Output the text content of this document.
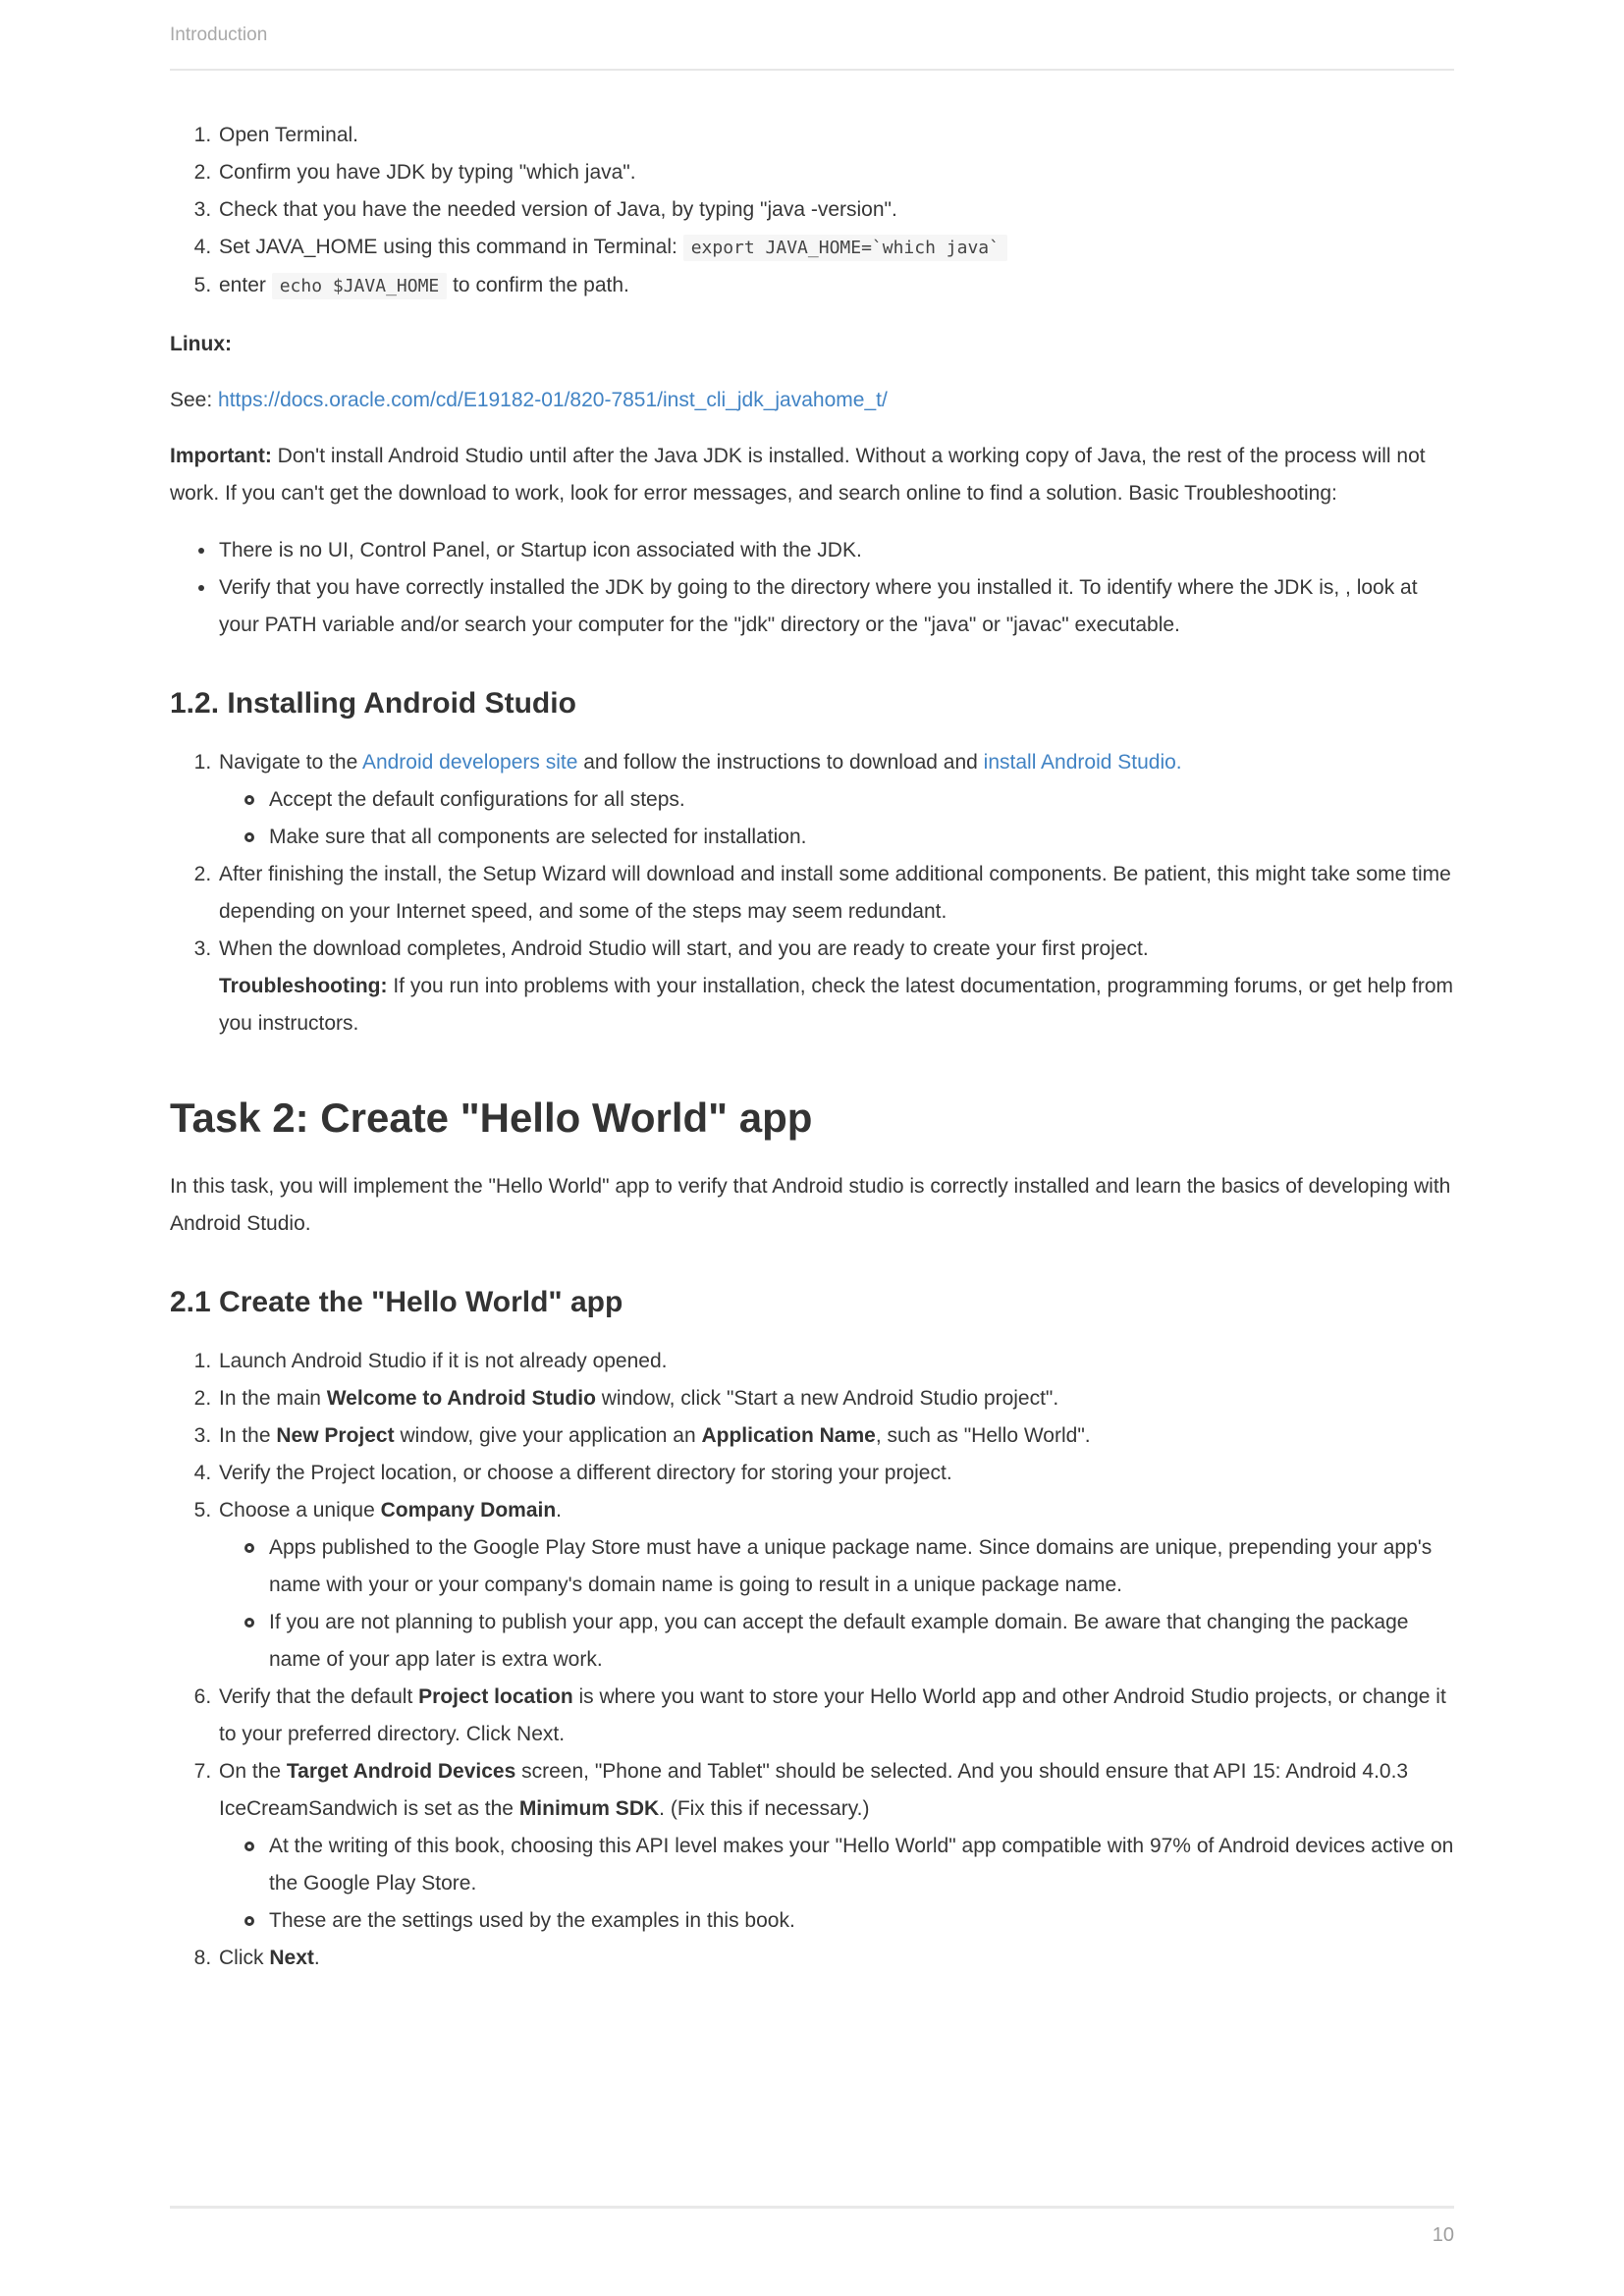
Introduction
1. Open Terminal.
2. Confirm you have JDK by typing "which java".
3. Check that you have the needed version of Java, by typing "java -version".
4. Set JAVA_HOME using this command in Terminal: export JAVA_HOME=`which java`
5. enter echo $JAVA_HOME to confirm the path.

Linux:

See: https://docs.oracle.com/cd/E19182-01/820-7851/inst_cli_jdk_javahome_t/

Important: Don't install Android Studio until after the Java JDK is installed. Without a working copy of Java, the rest of the process will not work. If you can't get the download to work, look for error messages, and search online to find a solution. Basic Troubleshooting:

• There is no UI, Control Panel, or Startup icon associated with the JDK.
• Verify that you have correctly installed the JDK by going to the directory where you installed it. To identify where the JDK is, , look at your PATH variable and/or search your computer for the "jdk" directory or the "java" or "javac" executable.
1.2. Installing Android Studio
1. Navigate to the Android developers site and follow the instructions to download and install Android Studio.
Accept the default configurations for all steps.
Make sure that all components are selected for installation.
2. After finishing the install, the Setup Wizard will download and install some additional components. Be patient, this might take some time depending on your Internet speed, and some of the steps may seem redundant.
3. When the download completes, Android Studio will start, and you are ready to create your first project.
Troubleshooting: If you run into problems with your installation, check the latest documentation, programming forums, or get help from you instructors.
Task 2: Create "Hello World" app

In this task, you will implement the "Hello World" app to verify that Android studio is correctly installed and learn the basics of developing with Android Studio.

2.1 Create the "Hello World" app
1. Launch Android Studio if it is not already opened.
2. In the main Welcome to Android Studio window, click "Start a new Android Studio project".
3. In the New Project window, give your application an Application Name, such as "Hello World".
4. Verify the Project location, or choose a different directory for storing your project.
5. Choose a unique Company Domain.
Apps published to the Google Play Store must have a unique package name. Since domains are unique, prepending your app's name with your or your company's domain name is going to result in a unique package name.
If you are not planning to publish your app, you can accept the default example domain. Be aware that changing the package name of your app later is extra work.
6. Verify that the default Project location is where you want to store your Hello World app and other Android Studio projects, or change it to your preferred directory. Click Next.
7. On the Target Android Devices screen, "Phone and Tablet" should be selected. And you should ensure that API 15: Android 4.0.3 IceCreamSandwich is set as the Minimum SDK. (Fix this if necessary.)
At the writing of this book, choosing this API level makes your "Hello World" app compatible with 97% of Android devices active on the Google Play Store.
These are the settings used by the examples in this book.
8. Click Next.
10
